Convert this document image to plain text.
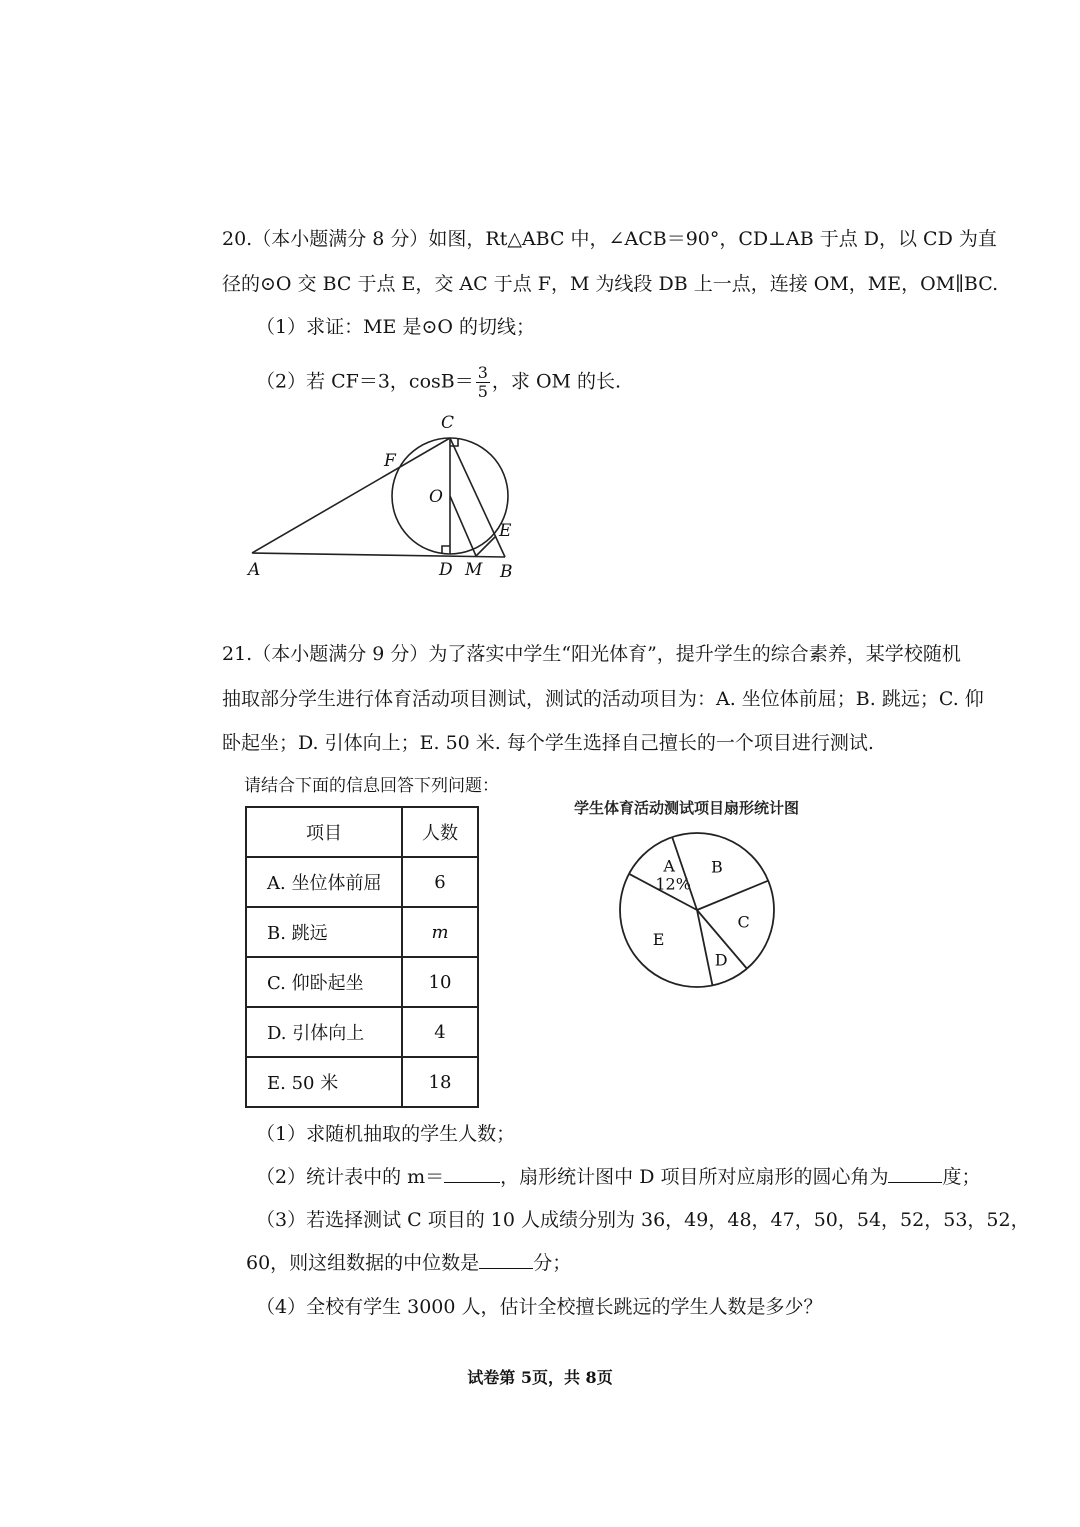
20.（本小题满分 8 分）如图，Rt△ABC 中，∠ACB＝90°，CD⊥AB 于点 D，以 CD 为直
径的⊙O 交 BC 于点 E，交 AC 于点 F，M 为线段 DB 上一点，连接 OM，ME，OM∥BC.
（1）求证：ME 是⊙O 的切线；
（2）若 CF＝3，$\cos B= \frac{3}{5}$ ，求 OM 的长.
C
F
O
E
A	D M B
21.（本小题满分 9 分）为了落实中学生“阳光体育”，提升学生的综合素养，某学校随机
抽取部分学生进行体育活动项目测试，测试的活动项目为：A. 坐位体前屈；B. 跳远；C. 仰
卧起坐；D. 引体向上；E. 50 米. 每个学生选择自己擅长的一个项目进行测试.
请结合下面的信息回答下列问题：
项目	人数
A. 坐位体前屈	6
B. 跳远	m
C. 仰卧起坐	10
D. 引体向上	4
E. 50 米	18
学生体育活动测试项目扇形统计图
A
12%
B
C
D
E
（1）求随机抽取的学生人数；
（2）统计表中的 m＝	，扇形统计图中 D 项目所对应扇形的圆心角为	度；
（3）若选择测试 C 项目的 10 人成绩分别为 36，49，48，47，50，54，52，53，52，
60，则这组数据的中位数是	分；
（4）全校有学生 3000 人，估计全校擅长跳远的学生人数是多少？
试卷第 5页，共 8页
